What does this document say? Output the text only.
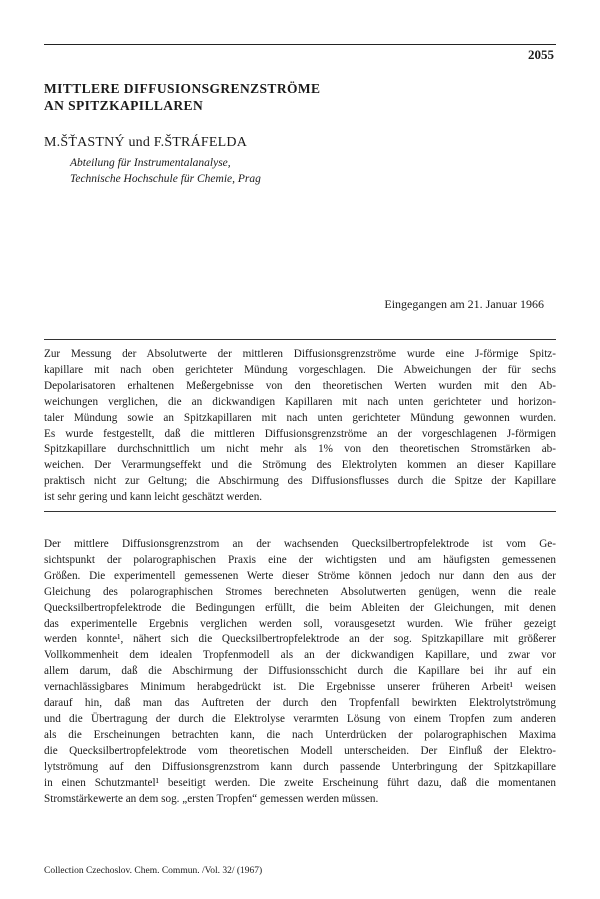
2055
MITTLERE DIFFUSIONSGRENZSTRÖME
AN SPITZKAPILLAREN
M.ŠŤASTNÝ und F.ŠTRÁFELDA
Abteilung für Instrumentalanalyse,
Technische Hochschule für Chemie, Prag
Eingegangen am 21. Januar 1966
Zur Messung der Absolutwerte der mittleren Diffusionsgrenzströme wurde eine J-förmige Spitz-
kapillare mit nach oben gerichteter Mündung vorgeschlagen. Die Abweichungen der für sechs
Depolarisatoren erhaltenen Meßergebnisse von den theoretischen Werten wurden mit den Ab-
weichungen verglichen, die an dickwandigen Kapillaren mit nach unten gerichteter und horizon-
taler Mündung sowie an Spitzkapillaren mit nach unten gerichteter Mündung gewonnen wurden.
Es wurde festgestellt, daß die mittleren Diffusionsgrenzströme an der vorgeschlagenen J-förmigen
Spitzkapillare durchschnittlich um nicht mehr als 1% von den theoretischen Stromstärken ab-
weichen. Der Verarmungseffekt und die Strömung des Elektrolyten kommen an dieser Kapillare
praktisch nicht zur Geltung; die Abschirmung des Diffusionsflusses durch die Spitze der Kapillare
ist sehr gering und kann leicht geschätzt werden.
Der mittlere Diffusionsgrenzstrom an der wachsenden Quecksilbertropfelektrode ist vom Ge-
sichtspunkt der polarographischen Praxis eine der wichtigsten und am häufigsten gemessenen
Größen. Die experimentell gemessenen Werte dieser Ströme können jedoch nur dann den aus der
Gleichung des polarographischen Stromes berechneten Absolutwerten genügen, wenn die reale
Quecksilbertropfelektrode die Bedingungen erfüllt, die beim Ableiten der Gleichungen, mit denen
das experimentelle Ergebnis verglichen werden soll, vorausgesetzt wurden. Wie früher gezeigt
werden konnte¹, nähert sich die Quecksilbertropfelektrode an der sog. Spitzkapillare mit größerer
Vollkommenheit dem idealen Tropfenmodell als an der dickwandigen Kapillare, und zwar vor
allem darum, daß die Abschirmung der Diffusionsschicht durch die Kapillare bei ihr auf ein
vernachlässigbares Minimum herabgedrückt ist. Die Ergebnisse unserer früheren Arbeit¹ weisen
darauf hin, daß man das Auftreten der durch den Tropfenfall bewirkten Elektrolytströmung
und die Übertragung der durch die Elektrolyse verarmten Lösung von einem Tropfen zum anderen
als die Erscheinungen betrachten kann, die nach Unterdrücken der polarographischen Maxima
die Quecksilbertropfelektrode vom theoretischen Modell unterscheiden. Der Einfluß der Elektro-
lytströmung auf den Diffusionsgrenzstrom kann durch passende Unterbringung der Spitzkapillare
in einen Schutzmantel¹ beseitigt werden. Die zweite Erscheinung führt dazu, daß die momentanen
Stromstärkewerte an dem sog. „ersten Tropfen“ gemessen werden müssen.
Collection Czechoslov. Chem. Commun. /Vol. 32/ (1967)
